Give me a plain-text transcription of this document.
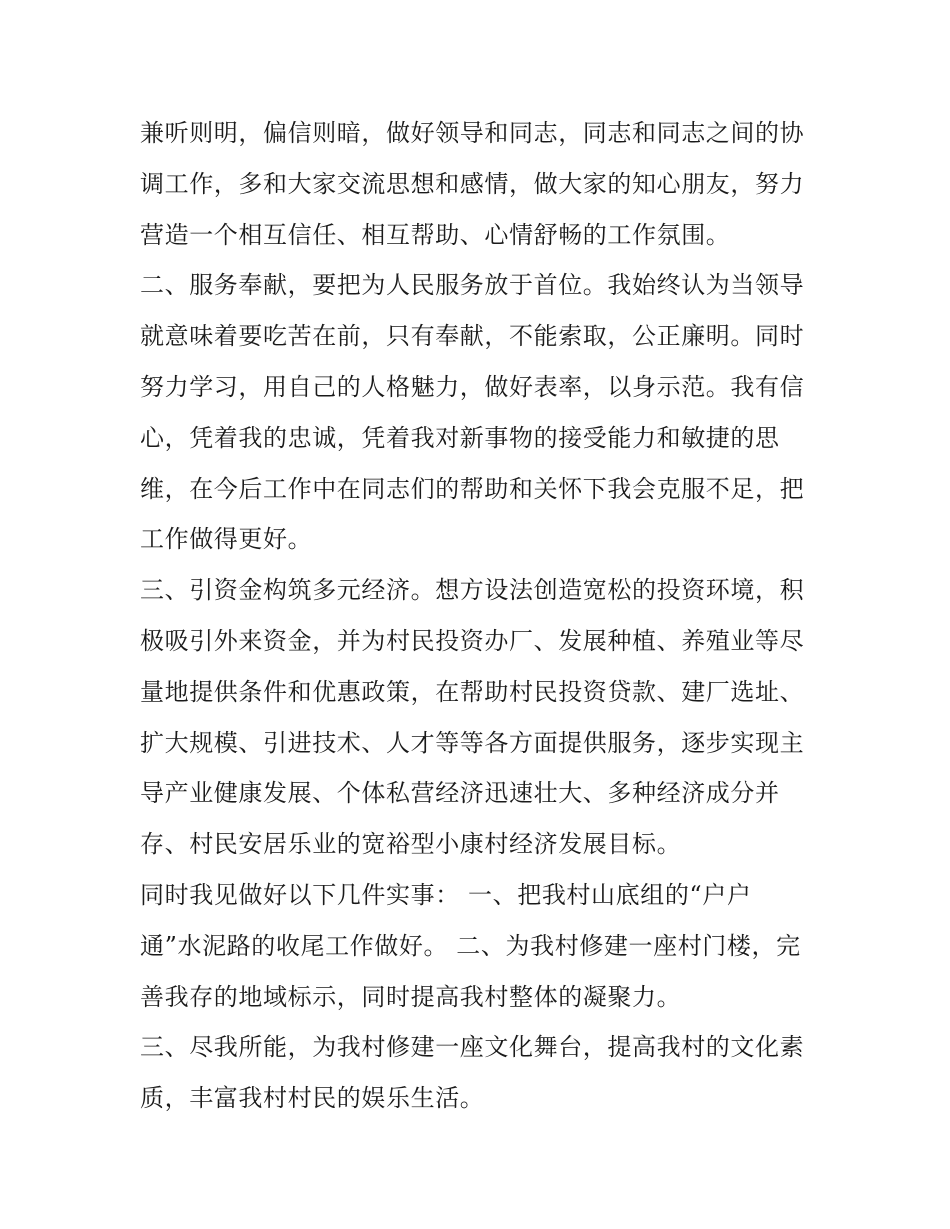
兼听则明，偏信则暗，做好领导和同志，同志和同志之间的协
调工作，多和大家交流思想和感情，做大家的知心朋友，努力
营造一个相互信任、相互帮助、心情舒畅的工作氛围。
二、服务奉献，要把为人民服务放于首位。我始终认为当领导
就意味着要吃苦在前，只有奉献，不能索取，公正廉明。同时
努力学习，用自己的人格魅力，做好表率，以身示范。我有信
心，凭着我的忠诚，凭着我对新事物的接受能力和敏捷的思
维，在今后工作中在同志们的帮助和关怀下我会克服不足，把
工作做得更好。
三、引资金构筑多元经济。想方设法创造宽松的投资环境，积
极吸引外来资金，并为村民投资办厂、发展种植、养殖业等尽
量地提供条件和优惠政策，在帮助村民投资贷款、建厂选址、
扩大规模、引进技术、人才等等各方面提供服务，逐步实现主
导产业健康发展、个体私营经济迅速壮大、多种经济成分并
存、村民安居乐业的宽裕型小康村经济发展目标。
同时我见做好以下几件实事： 一、把我村山底组的“户户
通”水泥路的收尾工作做好。 二、为我村修建一座村门楼，完
善我存的地域标示，同时提高我村整体的凝聚力。
三、尽我所能，为我村修建一座文化舞台，提高我村的文化素
质，丰富我村村民的娱乐生活。
